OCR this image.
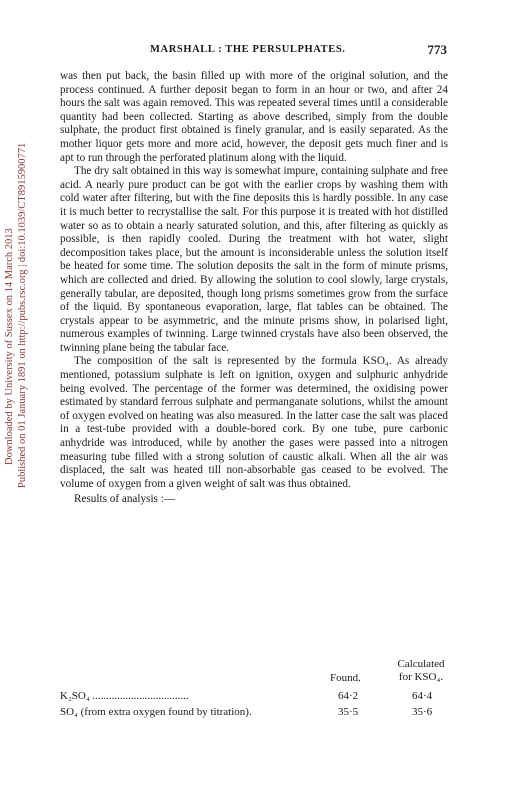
Downloaded by University of Sussex on 14 March 2013 Published on 01 January 1891 on http://pubs.rsc.org | doi:10.1039/CT8915900771
MARSHALL : THE PERSULPHATES.	773

was then put back, the basin filled up with more of the original solution, and the process continued. A further deposit began to form in an hour or two, and after 24 hours the salt was again removed. This was repeated several times until a considerable quantity had been collected. Starting as above described, simply from the double sulphate, the product first obtained is finely granular, and is easily separated. As the mother liquor gets more and more acid, however, the deposit gets much finer and is apt to run through the perforated platinum along with the liquid.

The dry salt obtained in this way is somewhat impure, containing sulphate and free acid. A nearly pure product can be got with the earlier crops by washing them with cold water after filtering, but with the fine deposits this is hardly possible. In any case it is much better to recrystallise the salt. For this purpose it is treated with hot distilled water so as to obtain a nearly saturated solution, and this, after filtering as quickly as possible, is then rapidly cooled. During the treatment with hot water, slight decomposition takes place, but the amount is inconsiderable unless the solution itself be heated for some time. The solution deposits the salt in the form of minute prisms, which are collected and dried. By allowing the solution to cool slowly, large crystals, generally tabular, are deposited, though long prisms sometimes grow from the surface of the liquid. By spontaneous evaporation, large, flat tables can be obtained. The crystals appear to be asymmetric, and the minute prisms show, in polarised light, numerous examples of twinning. Large twinned crystals have also been observed, the twinning plane being the tabular face.

The composition of the salt is represented by the formula KSO₄. As already mentioned, potassium sulphate is left on ignition, oxygen and sulphuric anhydride being evolved. The percentage of the former was determined, the oxidising power estimated by standard ferrous sulphate and permanganate solutions, whilst the amount of oxygen evolved on heating was also measured. In the latter case the salt was placed in a test-tube provided with a double-bored cork. By one tube, pure carbonic anhydride was introduced, while by another the gases were passed into a nitrogen measuring tube filled with a strong solution of caustic alkali. When all the air was displaced, the salt was heated till non-absorbable gas ceased to be evolved. The volume of oxygen from a given weight of salt was thus obtained.

Results of analysis :—

Found.
Calculated for KSO₄.
K₂SO₄ ...................................	64·2	64·4
SO₄ (from extra oxygen found by titration).	35·5	35·6
